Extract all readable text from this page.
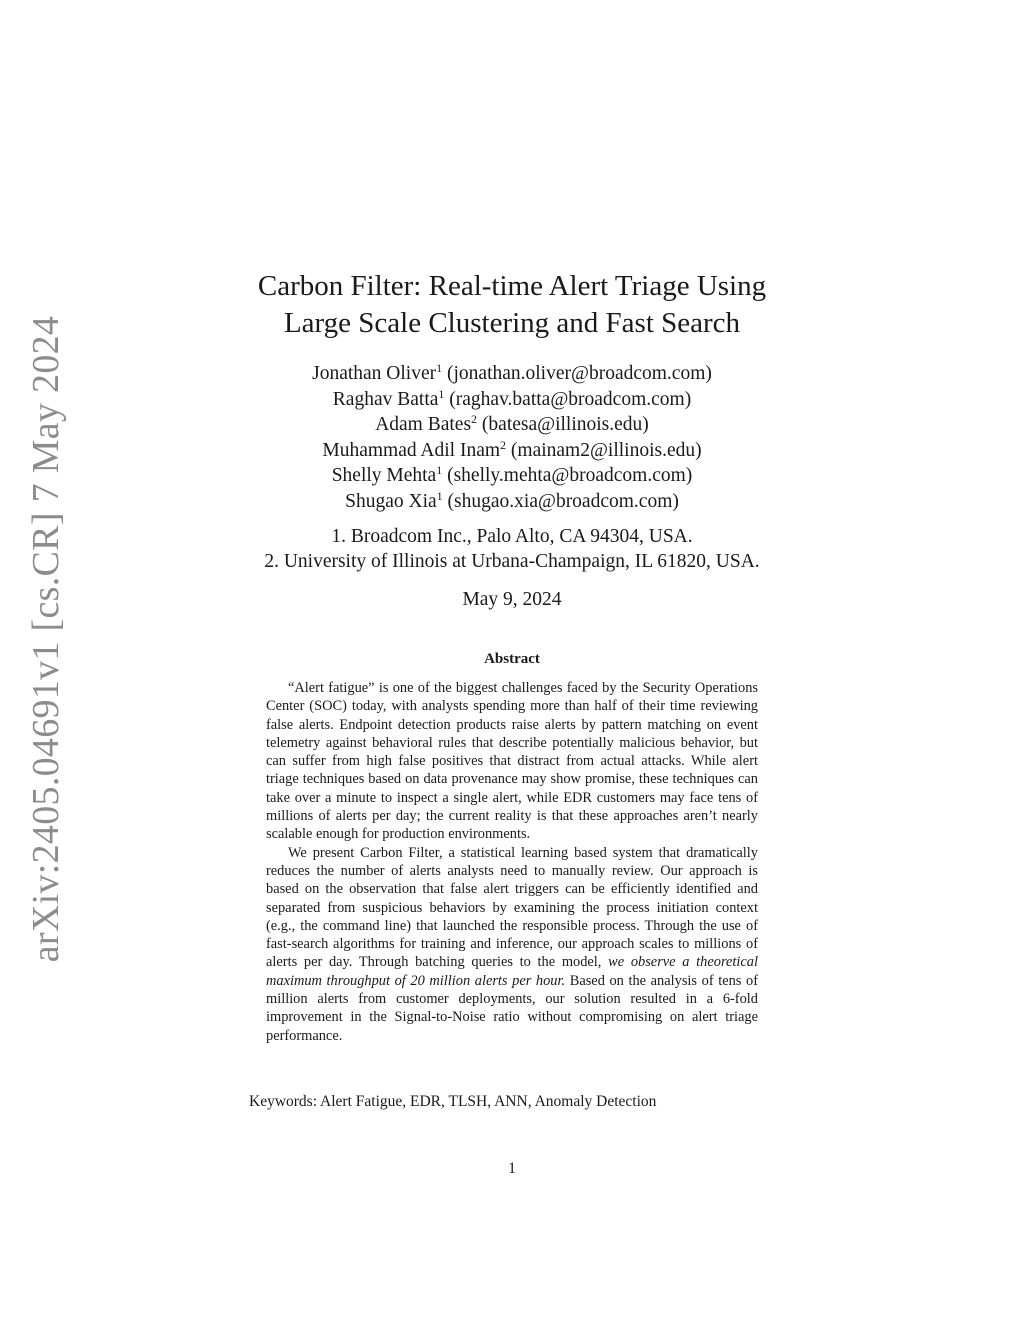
arXiv:2405.04691v1 [cs.CR] 7 May 2024
Carbon Filter: Real-time Alert Triage Using
Large Scale Clustering and Fast Search
Jonathan Oliver$^1$ (jonathan.oliver@broadcom.com)
Raghav Batta$^1$ (raghav.batta@broadcom.com)
Adam Bates$^2$ (batesa@illinois.edu)
Muhammad Adil Inam$^2$ (mainam2@illinois.edu)
Shelly Mehta$^1$ (shelly.mehta@broadcom.com)
Shugao Xia$^1$ (shugao.xia@broadcom.com)
1. Broadcom Inc., Palo Alto, CA 94304, USA.
2. University of Illinois at Urbana-Champaign, IL 61820, USA.
May 9, 2024
Abstract

“Alert fatigue” is one of the biggest challenges faced by the Security Operations Center (SOC) today, with analysts spending more than half of their time reviewing false alerts. Endpoint detection products raise alerts by pattern matching on event telemetry against behavioral rules that describe potentially malicious behavior, but can suffer from high false positives that distract from actual attacks. While alert triage techniques based on data provenance may show promise, these techniques can take over a minute to inspect a single alert, while EDR customers may face tens of millions of alerts per day; the current reality is that these approaches aren’t nearly scalable enough for production environments.

We present Carbon Filter, a statistical learning based system that dramatically reduces the number of alerts analysts need to manually review. Our approach is based on the observation that false alert triggers can be efficiently identified and separated from suspicious behaviors by examining the process initiation context (e.g., the command line) that launched the responsible process. Through the use of fast-search algorithms for training and inference, our approach scales to millions of alerts per day. Through batching queries to the model, we observe a theoretical maximum throughput of 20 million alerts per hour. Based on the analysis of tens of million alerts from customer deployments, our solution resulted in a 6-fold improvement in the Signal-to-Noise ratio without compromising on alert triage performance.

Keywords: Alert Fatigue, EDR, TLSH, ANN, Anomaly Detection
1
